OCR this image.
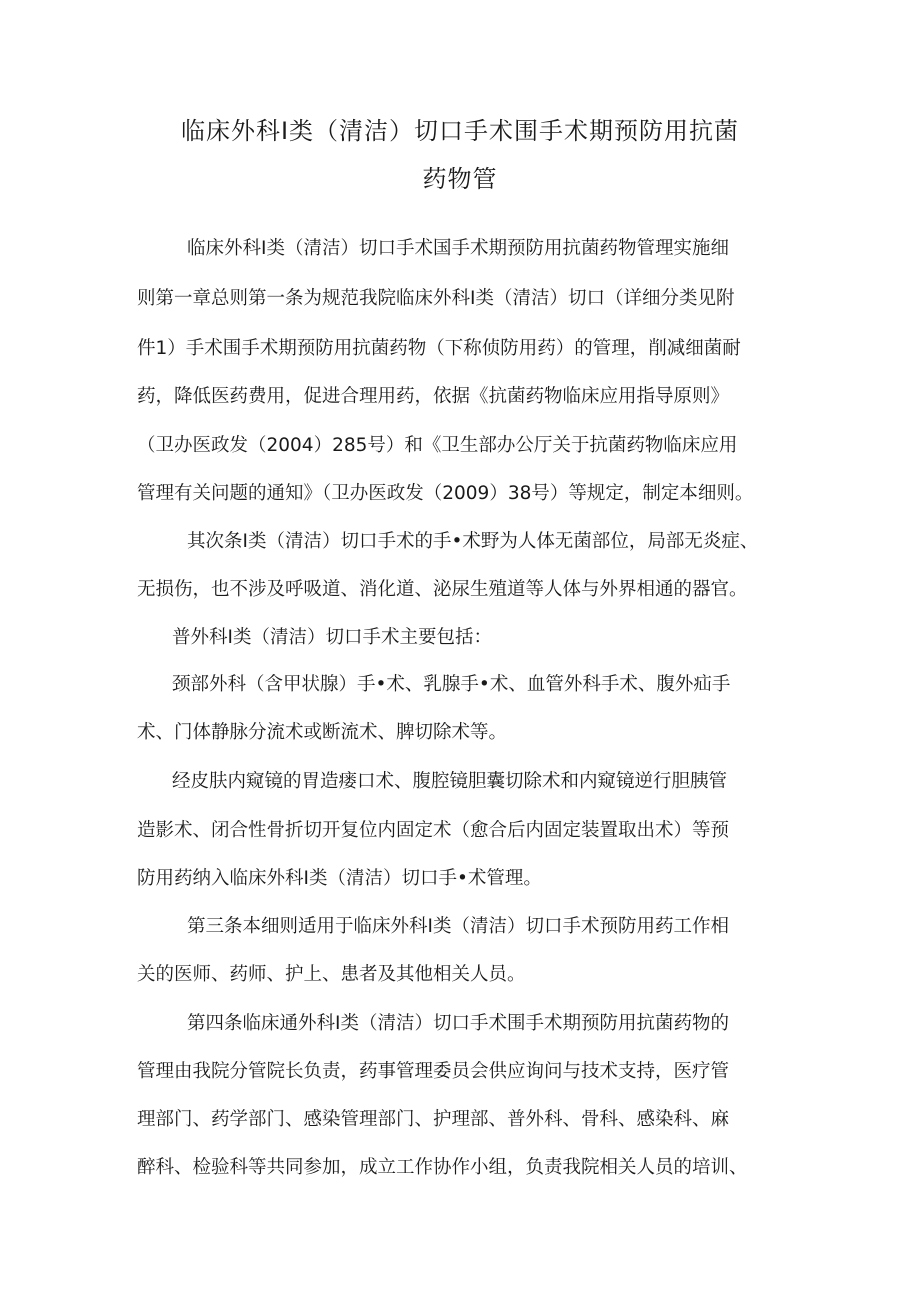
临床外科I类（清洁）切口手术围手术期预防用抗菌
药物管
临床外科I类（清洁）切口手术国手术期预防用抗菌药物管理实施细
则第一章总则第一条为规范我院临床外科I类（清洁）切口（详细分类见附
件1）手术围手术期预防用抗菌药物（下称侦防用药）的管理，削减细菌耐
药，降低医药费用，促进合理用药，依据《抗菌药物临床应用指导原则》
（卫办医政发（2004）285号）和《卫生部办公厅关于抗菌药物临床应用
管理有关问题的通知》（卫办医政发（2009）38号）等规定，制定本细则。
其次条I类（清洁）切口手术的手•术野为人体无菌部位，局部无炎症、
无损伤，也不涉及呼吸道、消化道、泌尿生殖道等人体与外界相通的器官。
普外科I类（清洁）切口手术主要包括：
颈部外科（含甲状腺）手•术、乳腺手•术、血管外科手术、腹外疝手
术、门体静脉分流术或断流术、脾切除术等。
经皮肤内窥镜的胃造瘘口术、腹腔镜胆囊切除术和内窥镜逆行胆胰管
造影术、闭合性骨折切开复位内固定术（愈合后内固定装置取出术）等预
防用药纳入临床外科I类（清洁）切口手•术管理。
第三条本细则适用于临床外科I类（清洁）切口手术预防用药工作相
关的医师、药师、护上、患者及其他相关人员。
第四条临床通外科I类（清洁）切口手术围手术期预防用抗菌药物的
管理由我院分管院长负责，药事管理委员会供应询问与技术支持，医疗管
理部门、药学部门、感染管理部门、护理部、普外科、骨科、感染科、麻
醉科、检验科等共同参加，成立工作协作小组，负责我院相关人员的培训、
